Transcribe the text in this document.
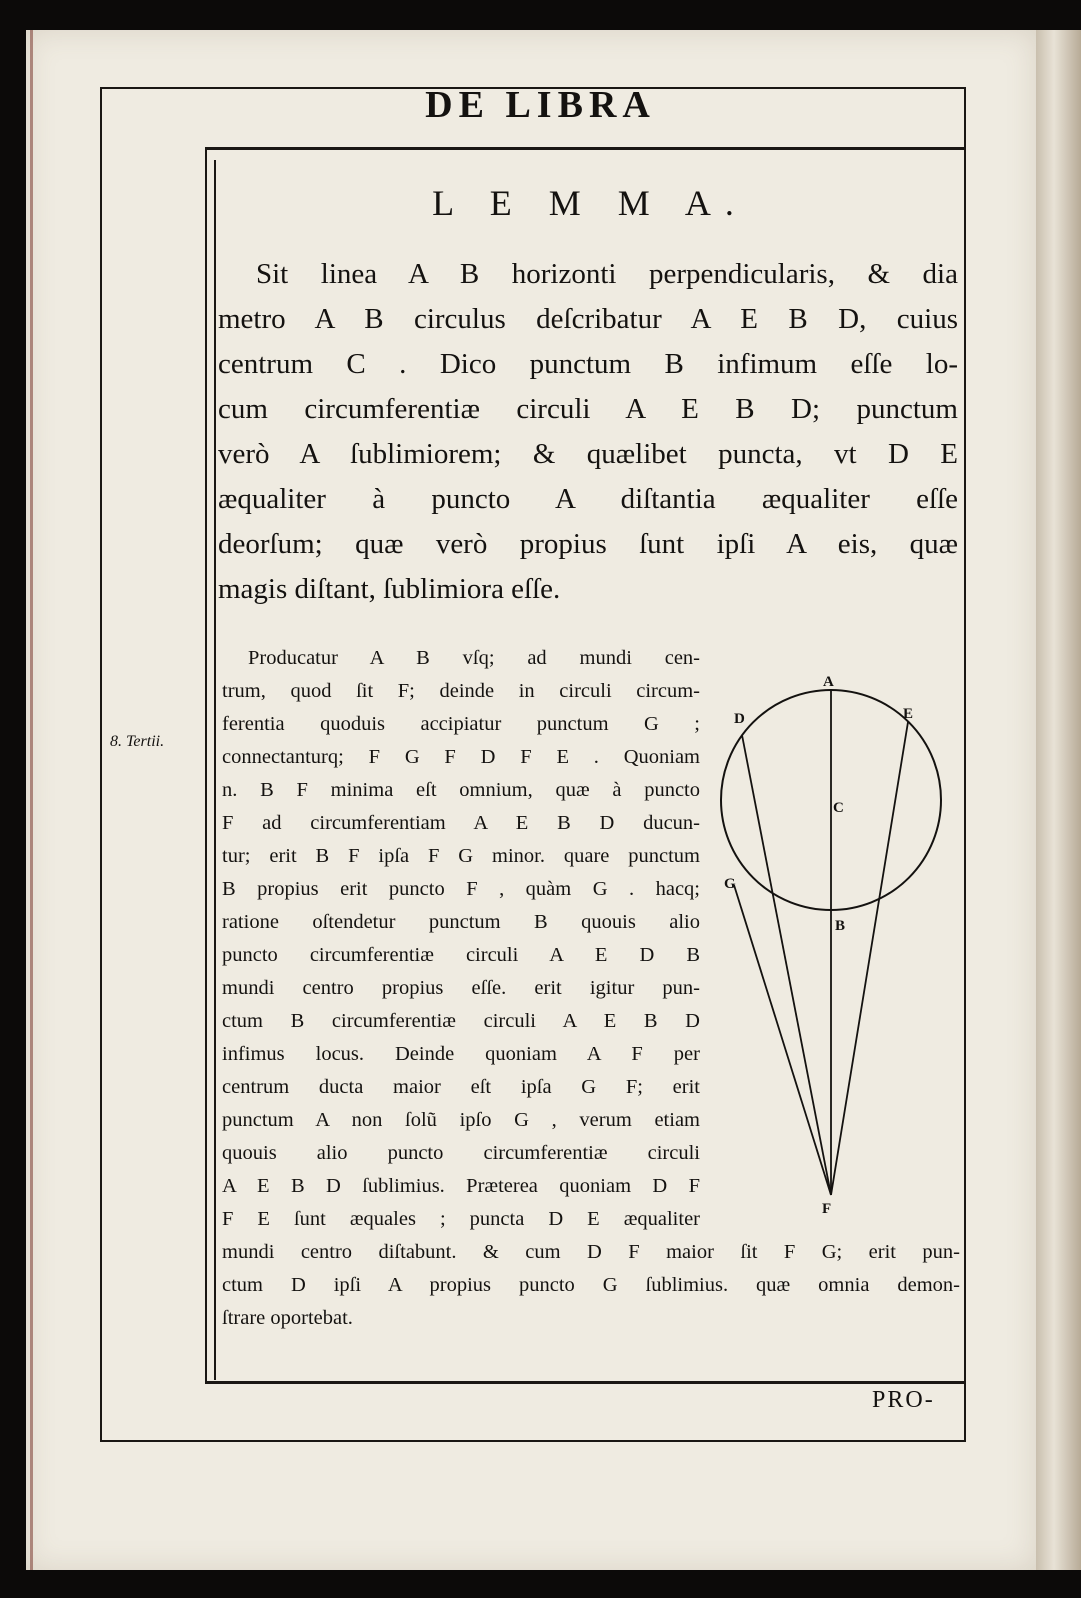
DE LIBRA
L E M M A.
Sit linea A B horizonti perpendicularis, & dia
metro A B circulus deſcribatur A E B D, cuius
centrum C . Dico punctum B infimum eſſe lo-
cum circumferentiæ circuli A E B D; punctum
verò A ſublimiorem; & quælibet puncta, vt D E
æqualiter à puncto A diſtantia æqualiter eſſe
deorſum; quæ verò propius ſunt ipſi A eis, quæ
magis diſtant, ſublimiora eſſe.
8. Tertii.
Producatur A B vſq; ad mundi cen-
trum, quod ſit F; deinde in circuli circum-
ferentia quoduis accipiatur punctum G ;
connectanturq; F G F D F E . Quoniam
n. B F minima eſt omnium, quæ à puncto
F ad circumferentiam A E B D ducun-
tur; erit B F ipſa F G minor. quare punctum
B propius erit puncto F , quàm G . hacq;
ratione oſtendetur punctum B quouis alio
puncto circumferentiæ circuli A E D B
mundi centro propius eſſe. erit igitur pun-
ctum B circumferentiæ circuli A E B D
infimus locus. Deinde quoniam A F per
centrum ducta maior eſt ipſa G F; erit
punctum A non ſolũ ipſo G , verum etiam
quouis alio puncto circumferentiæ circuli
A E B D ſublimius. Præterea quoniam D F
F E ſunt æquales ; puncta D E æqualiter
mundi centro diſtabunt. & cum D F maior ſit F G; erit pun-
ctum D ipſi A propius puncto G ſublimius. quæ omnia demon-
ſtrare oportebat.
A
E
D
C
G
B
F
PRO-
